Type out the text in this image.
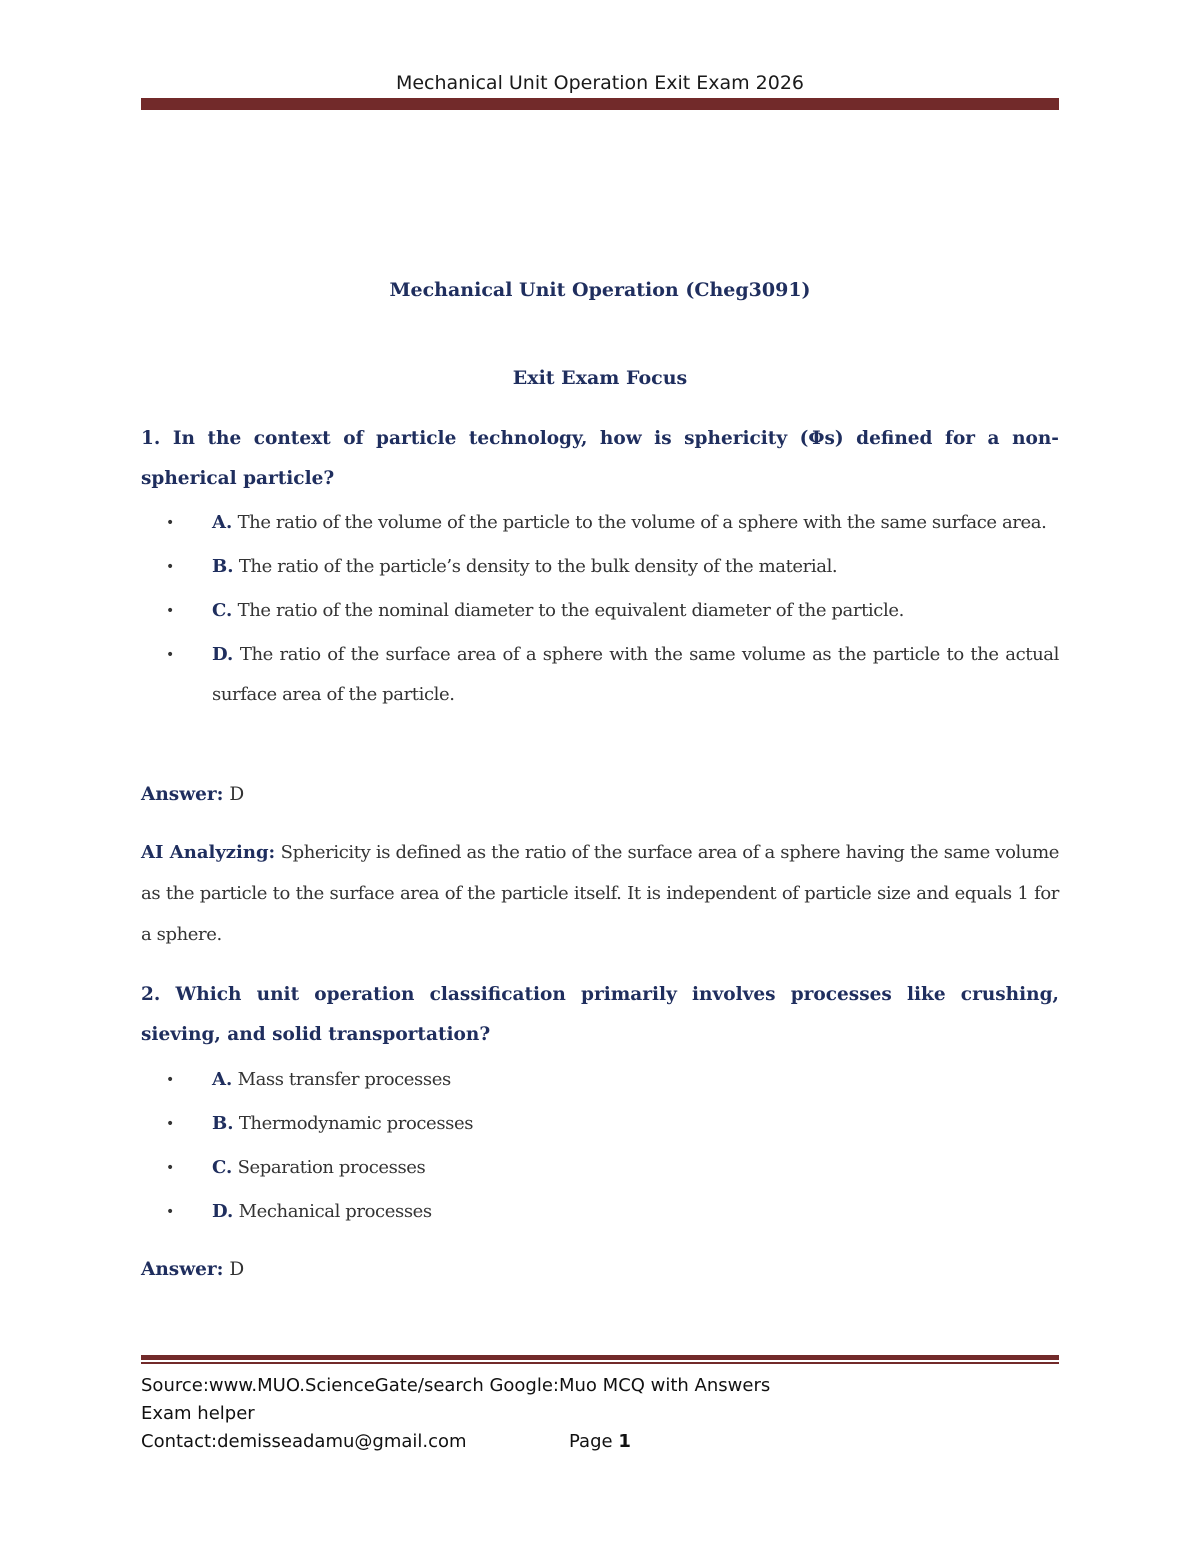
Mechanical Unit Operation Exit Exam 2026
Mechanical Unit Operation (Cheg3091)
Exit Exam Focus

1. In the context of particle technology, how is sphericity (Φs) defined for a non-spherical particle?

• A. The ratio of the volume of the particle to the volume of a sphere with the same surface area.
• B. The ratio of the particle’s density to the bulk density of the material.
• C. The ratio of the nominal diameter to the equivalent diameter of the particle.
• D. The ratio of the surface area of a sphere with the same volume as the particle to the actual surface area of the particle.

Answer: D

AI Analyzing: Sphericity is defined as the ratio of the surface area of a sphere having the same volume as the particle to the surface area of the particle itself. It is independent of particle size and equals 1 for a sphere.

2. Which unit operation classification primarily involves processes like crushing, sieving, and solid transportation?

• A. Mass transfer processes
• B. Thermodynamic processes
• C. Separation processes
• D. Mechanical processes

Answer: D

Source:www.MUO.ScienceGate/search Google:Muo MCQ with Answers
Exam helper
Contact:demisseadamu@gmail.com	Page 1
